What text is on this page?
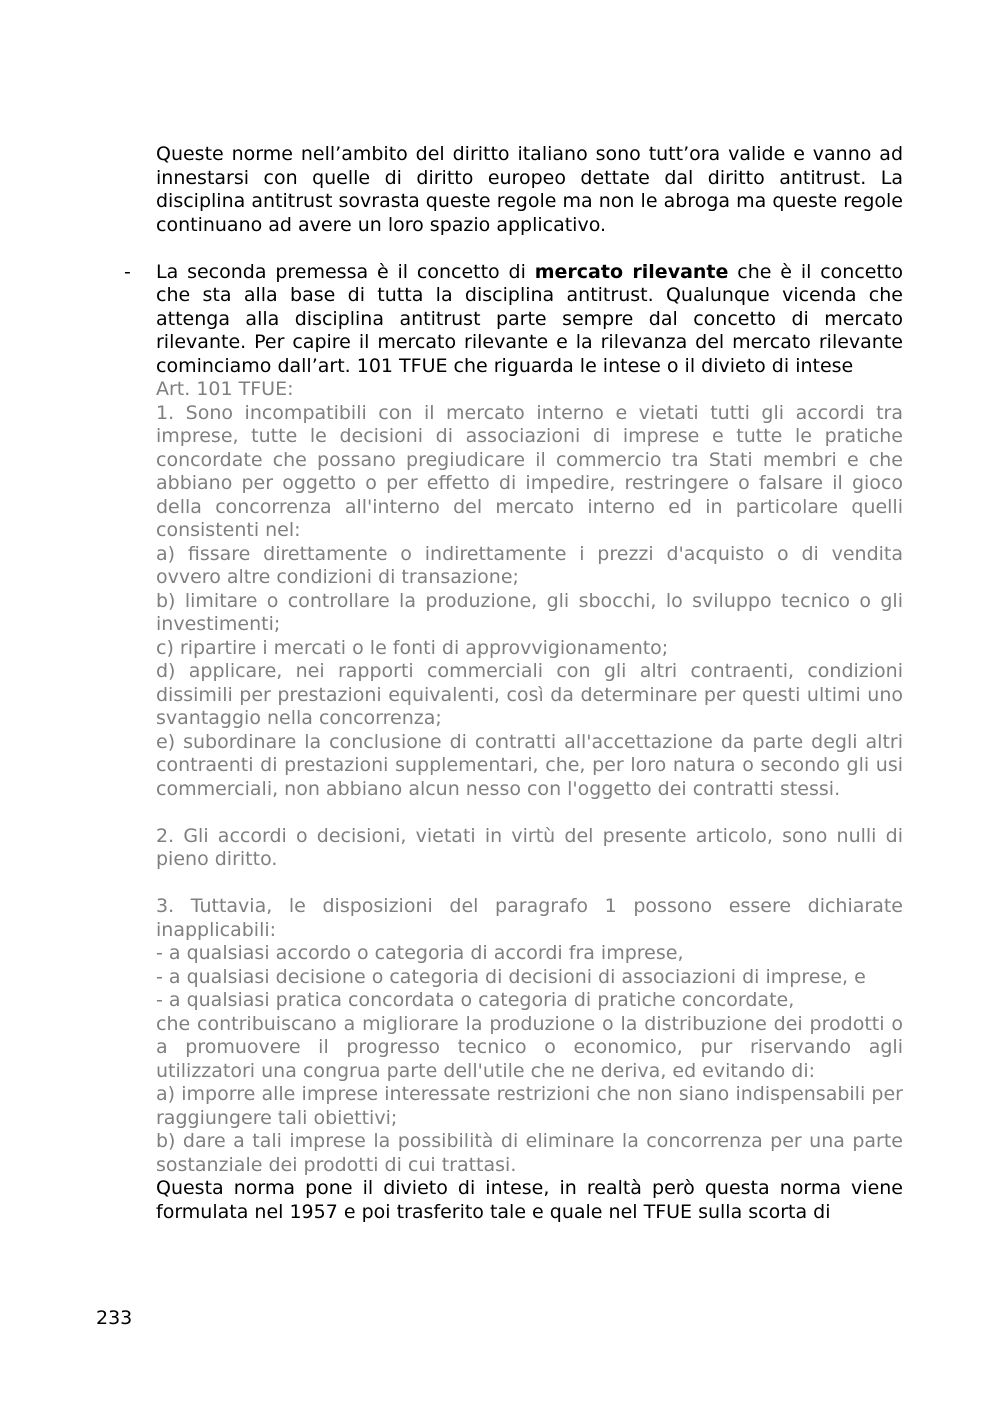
Queste norme nell’ambito del diritto italiano sono tutt’ora valide e vanno ad innestarsi con quelle di diritto europeo dettate dal diritto antitrust. La disciplina antitrust sovrasta queste regole ma non le abroga ma queste regole continuano ad avere un loro spazio applicativo.

- La seconda premessa è il concetto di mercato rilevante che è il concetto che sta alla base di tutta la disciplina antitrust. Qualunque vicenda che attenga alla disciplina antitrust parte sempre dal concetto di mercato rilevante. Per capire il mercato rilevante e la rilevanza del mercato rilevante cominciamo dall’art. 101 TFUE che riguarda le intese o il divieto di intese

Art. 101 TFUE:

1. Sono incompatibili con il mercato interno e vietati tutti gli accordi tra imprese, tutte le decisioni di associazioni di imprese e tutte le pratiche concordate che possano pregiudicare il commercio tra Stati membri e che abbiano per oggetto o per effetto di impedire, restringere o falsare il gioco della concorrenza all'interno del mercato interno ed in particolare quelli consistenti nel:

a) fissare direttamente o indirettamente i prezzi d'acquisto o di vendita ovvero altre condizioni di transazione;

b) limitare o controllare la produzione, gli sbocchi, lo sviluppo tecnico o gli investimenti;

c) ripartire i mercati o le fonti di approvvigionamento;

d) applicare, nei rapporti commerciali con gli altri contraenti, condizioni dissimili per prestazioni equivalenti, così da determinare per questi ultimi uno svantaggio nella concorrenza;

e) subordinare la conclusione di contratti all'accettazione da parte degli altri contraenti di prestazioni supplementari, che, per loro natura o secondo gli usi commerciali, non abbiano alcun nesso con l'oggetto dei contratti stessi.

2. Gli accordi o decisioni, vietati in virtù del presente articolo, sono nulli di pieno diritto.

3. Tuttavia, le disposizioni del paragrafo 1 possono essere dichiarate inapplicabili:

- a qualsiasi accordo o categoria di accordi fra imprese,

- a qualsiasi decisione o categoria di decisioni di associazioni di imprese, e

- a qualsiasi pratica concordata o categoria di pratiche concordate,

che contribuiscano a migliorare la produzione o la distribuzione dei prodotti o a promuovere il progresso tecnico o economico, pur riservando agli utilizzatori una congrua parte dell'utile che ne deriva, ed evitando di:

a) imporre alle imprese interessate restrizioni che non siano indispensabili per raggiungere tali obiettivi;

b) dare a tali imprese la possibilità di eliminare la concorrenza per una parte sostanziale dei prodotti di cui trattasi.

Questa norma pone il divieto di intese, in realtà però questa norma viene formulata nel 1957 e poi trasferito tale e quale nel TFUE sulla scorta di

233
